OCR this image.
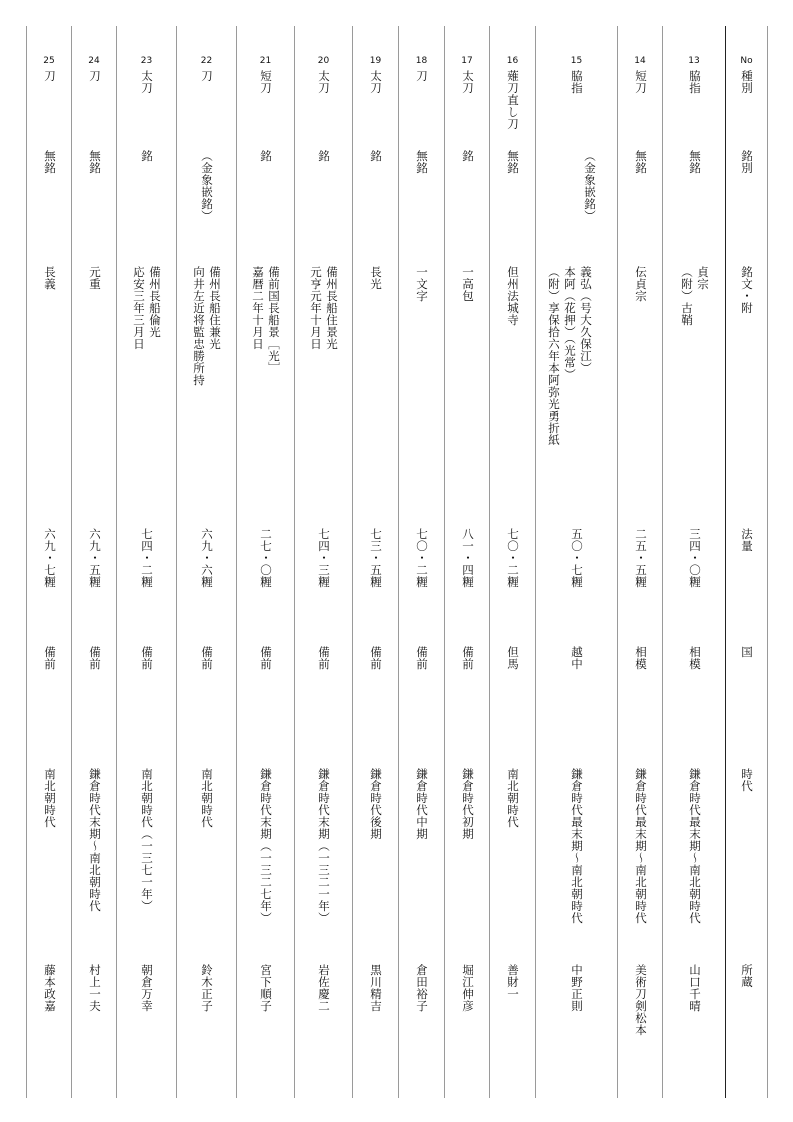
No
種別
銘別
銘文・附
法量
国
時代
所蔵
13
脇指
無銘
貞宗
（附）古鞘
三四・〇糎
相模
鎌倉時代最末期～南北朝時代
山口千晴
14
短刀
無銘
伝貞宗
二五・五糎
相模
鎌倉時代最末期～南北朝時代
美術刀剣松本
15
脇指
（金象嵌銘）
義弘（号大久保江）
本阿（花押）（光常）
（附）享保拾六年本阿弥光勇折紙
五〇・七糎
越中
鎌倉時代最末期～南北朝時代
中野正則
16
薙刀直し刀
無銘
但州法城寺
七〇・二糎
但馬
南北朝時代
善財一
17
太刀
銘
一高包
八一・四糎
備前
鎌倉時代初期
堀江伸彦
18
刀
無銘
一文字
七〇・二糎
備前
鎌倉時代中期
倉田裕子
19
太刀
銘
長光
七三・五糎
備前
鎌倉時代後期
黒川精吉
20
太刀
銘
備州長船住景光
元亨元年十月日
七四・三糎
備前
鎌倉時代末期（一三二一年）
岩佐慶二
21
短刀
銘
備前国長船景［光］
嘉暦二年十月日
二七・〇糎
備前
鎌倉時代末期（一三二七年）
宮下順子
22
刀
（金象嵌銘）
備州長船住兼光
向井左近将監忠勝所持
六九・六糎
備前
南北朝時代
鈴木正子
23
太刀
銘
備州長船倫光
応安三年三月日
七四・二糎
備前
南北朝時代（一三七一年）
朝倉万幸
24
刀
無銘
元重
六九・五糎
備前
鎌倉時代末期～南北朝時代
村上一夫
25
刀
無銘
長義
六九・七糎
備前
南北朝時代
藤本政嘉
